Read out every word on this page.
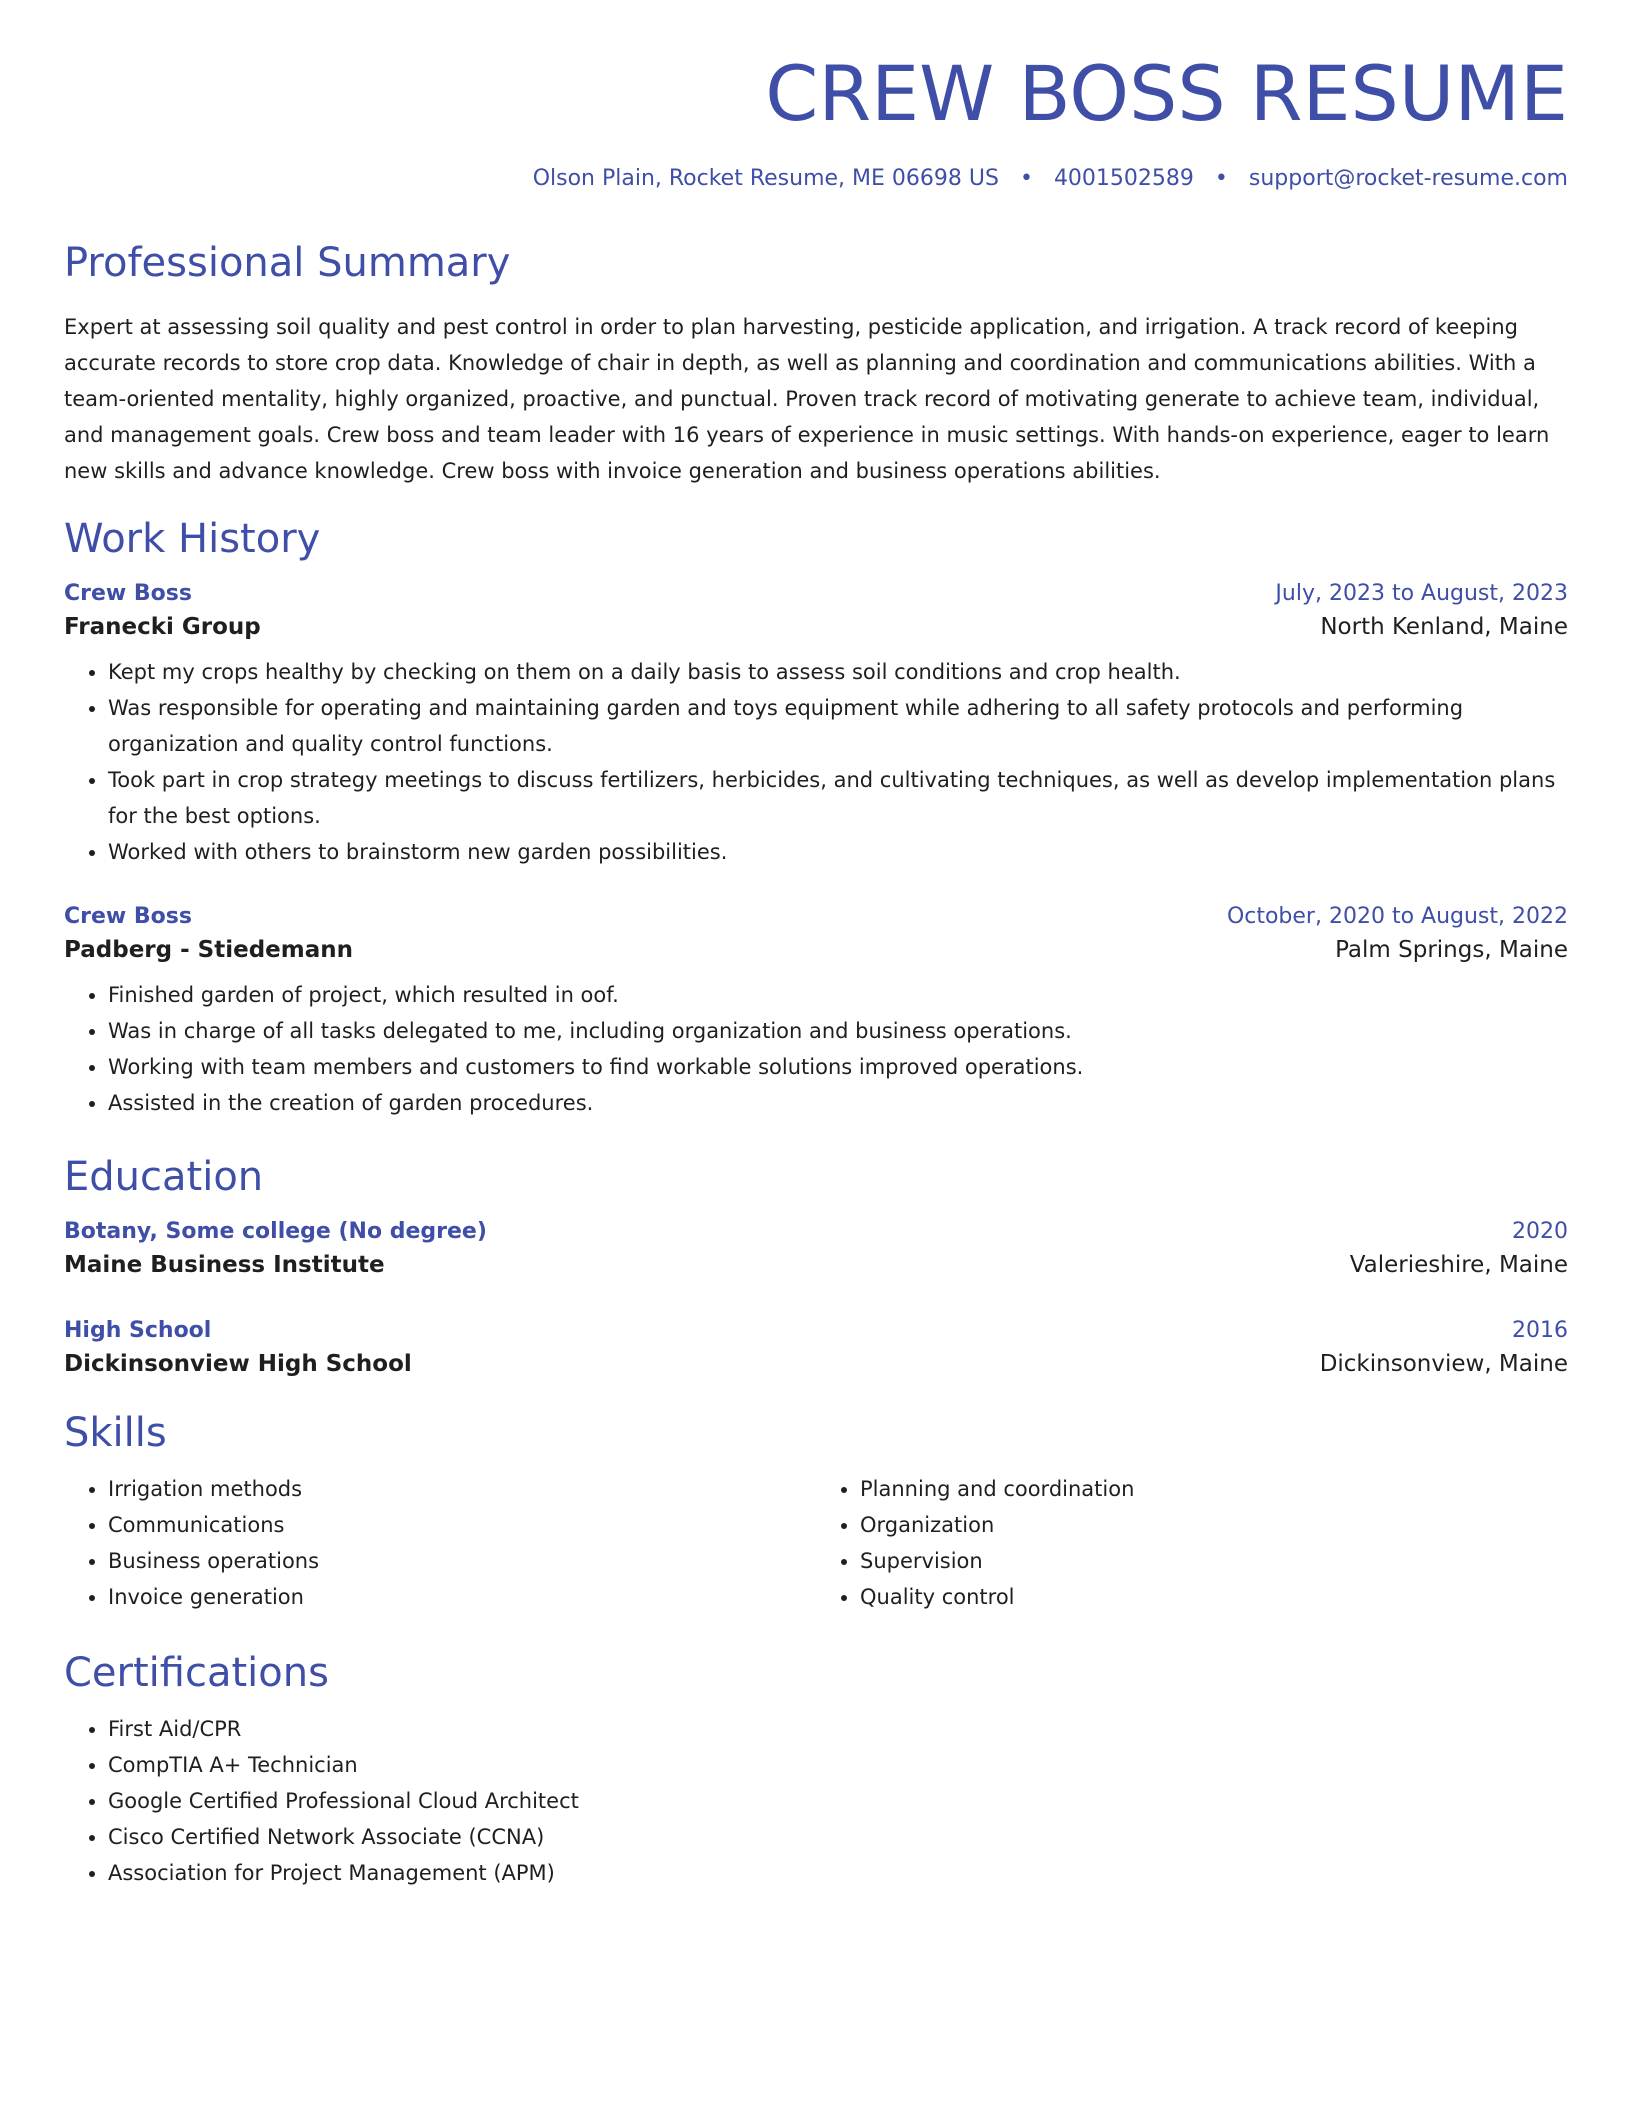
CREW BOSS RESUME
Olson Plain, Rocket Resume, ME 06698 US • 4001502589 • support@rocket-resume.com
Professional Summary
Expert at assessing soil quality and pest control in order to plan harvesting, pesticide application, and irrigation. A track record of keeping accurate records to store crop data. Knowledge of chair in depth, as well as planning and coordination and communications abilities. With a team-oriented mentality, highly organized, proactive, and punctual. Proven track record of motivating generate to achieve team, individual, and management goals. Crew boss and team leader with 16 years of experience in music settings. With hands-on experience, eager to learn new skills and advance knowledge. Crew boss with invoice generation and business operations abilities.
Work History
Crew Boss	July, 2023 to August, 2023
Franecki Group	North Kenland, Maine
• Kept my crops healthy by checking on them on a daily basis to assess soil conditions and crop health.
• Was responsible for operating and maintaining garden and toys equipment while adhering to all safety protocols and performing organization and quality control functions.
• Took part in crop strategy meetings to discuss fertilizers, herbicides, and cultivating techniques, as well as develop implementation plans for the best options.
• Worked with others to brainstorm new garden possibilities.
Crew Boss	October, 2020 to August, 2022
Padberg - Stiedemann	Palm Springs, Maine
• Finished garden of project, which resulted in oof.
• Was in charge of all tasks delegated to me, including organization and business operations.
• Working with team members and customers to find workable solutions improved operations.
• Assisted in the creation of garden procedures.
Education
Botany, Some college (No degree)	2020
Maine Business Institute	Valerieshire, Maine
High School	2016
Dickinsonview High School	Dickinsonview, Maine
Skills
• Irrigation methods
• Communications
• Business operations
• Invoice generation
• Planning and coordination
• Organization
• Supervision
• Quality control
Certifications
• First Aid/CPR
• CompTIA A+ Technician
• Google Certified Professional Cloud Architect
• Cisco Certified Network Associate (CCNA)
• Association for Project Management (APM)
